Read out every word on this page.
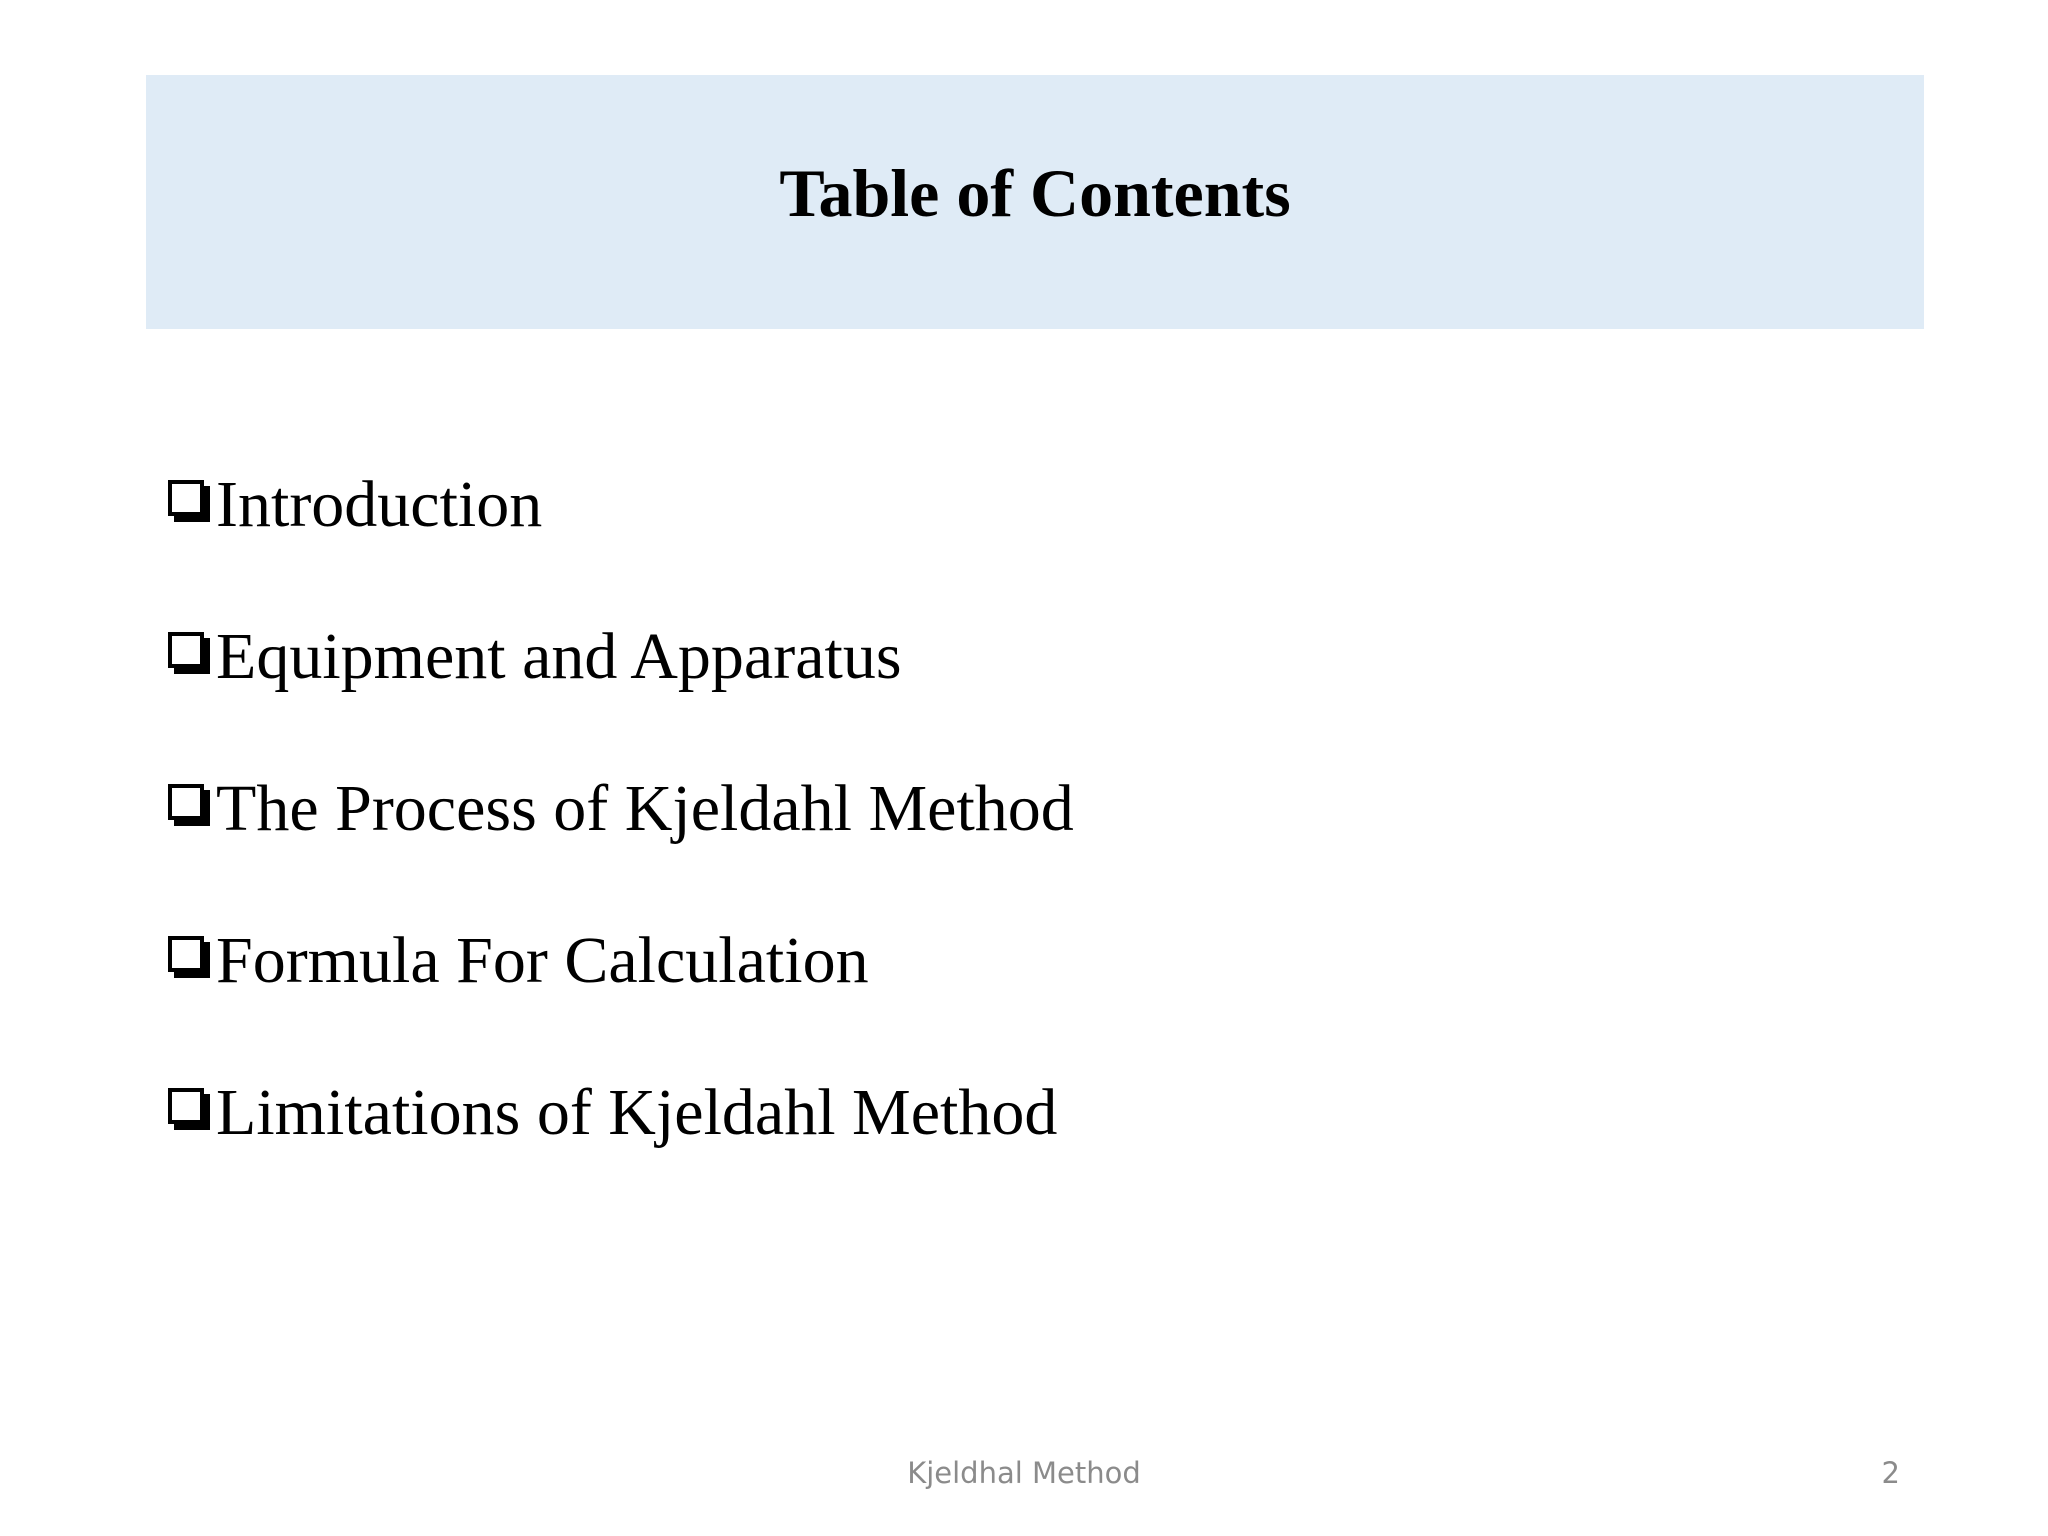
Table of Contents
Introduction
Equipment and Apparatus
The Process of Kjeldahl Method
Formula For Calculation
Limitations of Kjeldahl Method
Kjeldhal Method	2
